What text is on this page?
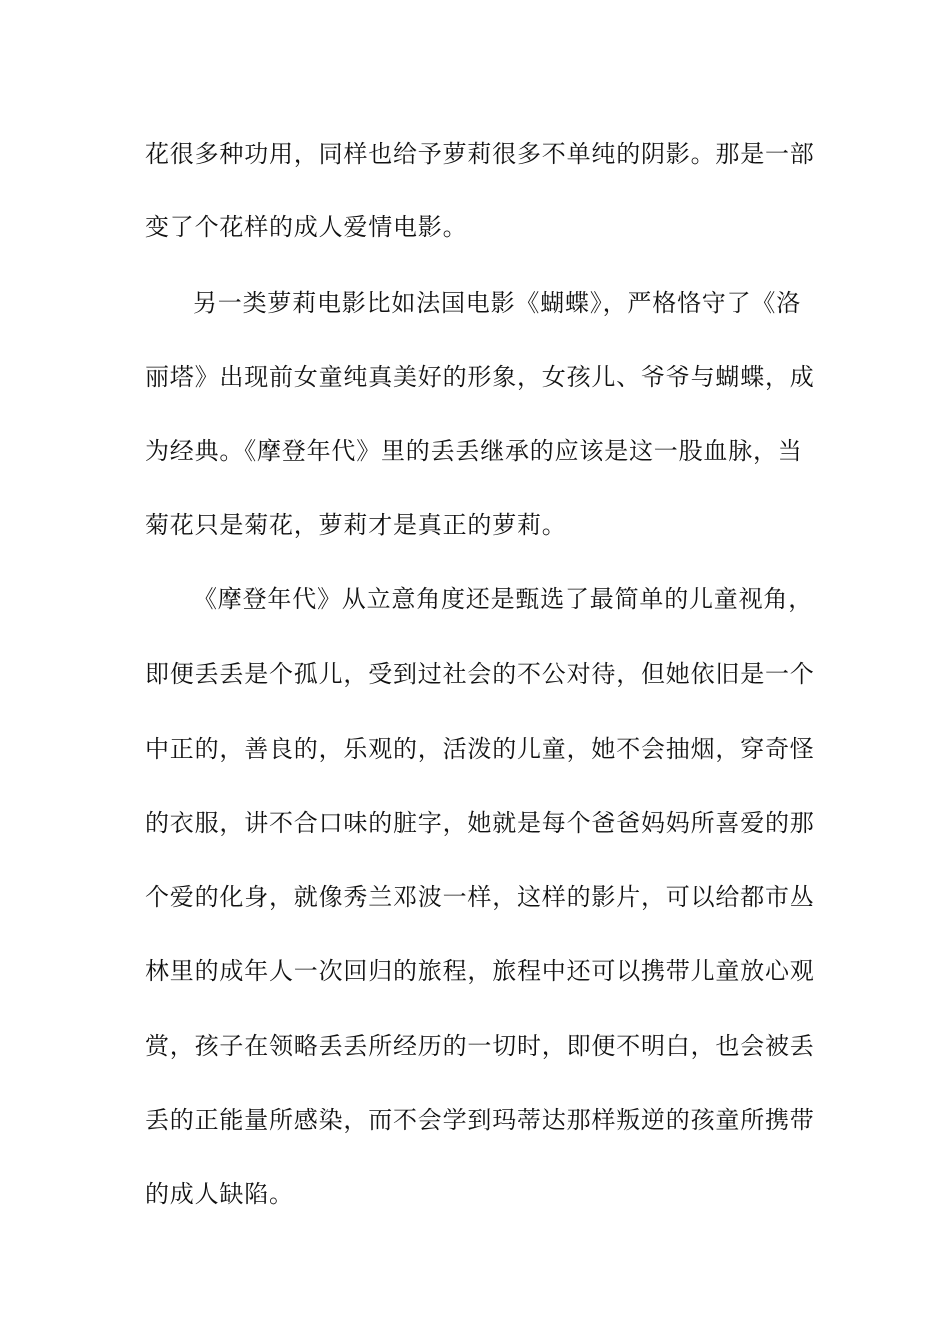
花很多种功用，同样也给予萝莉很多不单纯的阴影。那是一部
变了个花样的成人爱情电影。
另一类萝莉电影比如法国电影《蝴蝶》，严格恪守了《洛
丽塔》出现前女童纯真美好的形象，女孩儿、爷爷与蝴蝶，成
为经典。《摩登年代》里的丢丢继承的应该是这一股血脉，当
菊花只是菊花，萝莉才是真正的萝莉。
《摩登年代》从立意角度还是甄选了最简单的儿童视角，
即便丢丢是个孤儿，受到过社会的不公对待，但她依旧是一个
中正的，善良的，乐观的，活泼的儿童，她不会抽烟，穿奇怪
的衣服，讲不合口味的脏字，她就是每个爸爸妈妈所喜爱的那
个爱的化身，就像秀兰邓波一样，这样的影片，可以给都市丛
林里的成年人一次回归的旅程，旅程中还可以携带儿童放心观
赏，孩子在领略丢丢所经历的一切时，即便不明白，也会被丢
丢的正能量所感染，而不会学到玛蒂达那样叛逆的孩童所携带
的成人缺陷。
